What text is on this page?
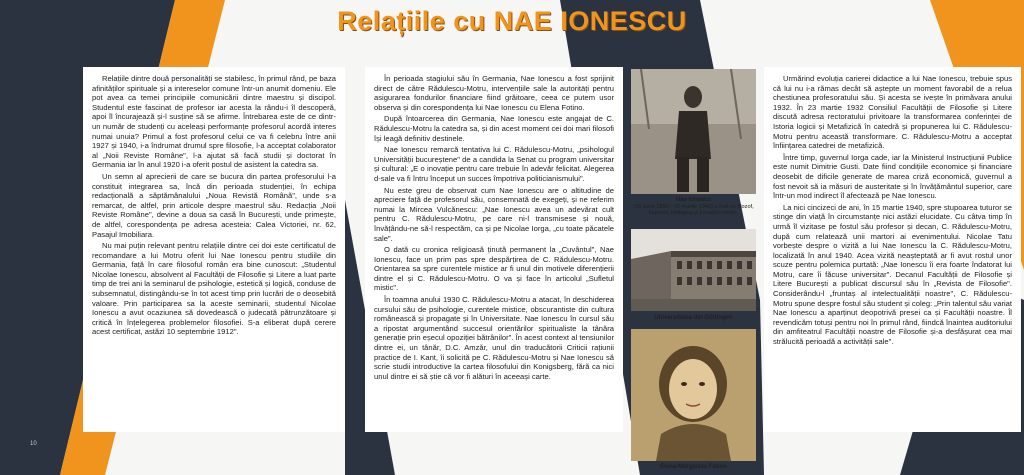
Relațiile cu NAE IONESCU

Relațiile dintre două personalități se stabilesc, în primul rând, pe baza afinităților spirituale și a intereselor comune într-un anumit domeniu. Ele pot avea ca temei principiile comunicării dintre maestru și discipol. Studentul este fascinat de profesor iar acesta la rându-i îl descoperă, apoi îl încurajează și-l susține să se afirme. Întrebarea este de ce dintr-un număr de studenți cu aceleași performanțe profesorul acordă interes numai unuia? Primul a fost profesorul celui ce va fi celebru între anii 1927 și 1940, i-a îndrumat drumul spre filosofie, l-a acceptat colaborator al „Noii Reviste Române", l-a ajutat să facă studii și doctorat în Germania iar în anul 1920 i-a oferit postul de asistent la catedra sa.

Un semn al aprecierii de care se bucura din partea profesorului l-a constituit integrarea sa, încă din perioada studenției, în echipa redacțională a săptămânalului „Noua Revistă Română", unde s-a remarcat, de altfel, prin articole despre maestrul său. Redacția „Noii Reviste Române", devine a doua sa casă în București, unde primește, de altfel, corespondența pe adresa acesteia: Calea Victoriei, nr. 62, Pasajul Imobiliara.

Nu mai puțin relevant pentru relațiile dintre cei doi este certificatul de recomandare a lui Motru oferit lui Nae Ionescu pentru studiile din Germania, față în care filosoful român era bine cunoscut: „Studentul Nicolae Ionescu, absolvent al Facultății de Filosofie și Litere a luat parte timp de trei ani la seminarul de psihologie, estetică și logică, conduse de subsemnatul, distingându-se în tot acest timp prin lucrări de o deosebită valoare. Prin participarea sa la aceste seminarii, studentul Nicolae Ionescu a avut ocaziunea să dovedească o judecată pătrunzătoare și critică în înțelegerea problemelor filosofiei. S-a eliberat după cerere acest certificat, astăzi 10 septembrie 1912".

În perioada stagiului său în Germania, Nae Ionescu a fost sprijinit direct de către Rădulescu-Motru, intervențiile sale la autoritäți pentru asigurarea fondurilor financiare fiind grăitoare, ceea ce putem usor observa și din corespondența lui Nae Ionescu cu Elena Fotino.

După întoarcerea din Germania, Nae Ionescu este angajat de C. Rădulescu-Motru la catedra sa, și din acest moment cei doi mari filosofi își leagă definitiv destinele.

Nae Ionescu remarcă tentativa lui C. Rădulescu-Motru, „psihologul Universității bucureștene" de a candida la Senat cu program universitar și cultural: „E o inovație pentru care trebuie în adevăr felicitat. Alegerea d-sale va fi întru început un succes împotriva politicianismului".

Nu este greu de observat cum Nae Ionescu are o altitudine de apreciere față de profesorul său, consemnată de exegeți, și ne referim numai la Mircea Vulcănescu: „Nae Ionescu avea un adevărat cult pentru C. Rădulescu-Motru, pe care ni-l transmisese și nouă, învățându-ne să-l respectăm, ca și pe Nicolae Iorga, „cu toate păcatele sale".

O dată cu cronica religioasă ținută permanent la „Cuvântul", Nae Ionescu, face un prim pas spre despărțirea de C. Rădulescu-Motru. Orientarea sa spre curentele mistice ar fi unul din motivele diferențierii dintre el și C. Rădulescu-Motru. O va și face în articolul „Sufletul mistic".

În toamna anului 1930 C. Rădulescu-Motru a atacat, în deschiderea cursului său de psihologie, curentele mistice, obscurantiste din cultura românească și propagate și în Universitate. Nae Ionescu în cursul său a ripostat argumentând succesul orientărilor spiritualiste la tânăra generație prin eșecul opoziției bătrânilor". În acest context al tensiunilor dintre ei, un tânăr, D.C. Amzăr, unul din traducătorii Criticii rațiunii practice de I. Kant, îi solicită pe C. Rădulescu-Motru și Nae Ionescu să scrie studii introductive la cartea filosofului din Konigsberg, fără ca nici unul dintre ei să știe că vor fi alături în aceeași carte.

Nae Ionescu
(16 iunie 1890 - 15 martie 1940) a fost un filozof, logician, pedagog și jurnalist român.
Universitatea din Göttingen
Elena-Margareta Fotino

Urmărind evoluția carierei didactice a lui Nae Ionescu, trebuie spus că lui nu i-a rămas decât să aștepte un moment favorabil de a relua chestiunea profesoratului său. Și acesta se ivește în primăvara anului 1932. În 23 martie 1932 Consiliul Facultății de Filosofie și Litere discută adresa rectoratului privitoare la transformarea conferinței de Istoria logicii și Metafizică în catedră și propunerea lui C. Rădulescu-Motru pentru această transformare. C. Rădulescu-Motru a acceptat înființarea catedrei de metafizică.

Între timp, guvernul Iorga cade, iar la Ministerul Instrucțiunii Publice este numit Dimitrie Gusti. Date fiind condițiile economice și financiare deosebit de dificile generate de marea criză economică, guvernul a fost nevoit să ia măsuri de austeritate și în învățământul superior, care într-un mod indirect îl afectează pe Nae Ionescu.

La nici cincizeci de ani, în 15 martie 1940, spre stupoarea tuturor se stinge din viață în circumstanțe nici astăzi elucidate. Cu câtva timp în urmă îl vizitase pe fostul său profesor și decan, C. Rădulescu-Motru, după cum relatează unii martori ai evenimentului. Nicolae Tatu vorbește despre o vizită a lui Nae Ionescu la C. Rădulescu-Motru, localizată în anul 1940. Acea vizită neașteptată ar fi avut rostul unor scuze pentru polemica purtată: „Nae Ionescu îi era foarte îndatorat lui Motru, care îi făcuse universitar". Decanul Facultății de Filosofie și Litere București a publicat discursul său în „Revista de Filosofie". Considerându-l „fruntaș al intelectualității noastre", C. Rădulescu-Motru spune despre fostul său student și coleg: „Prin talentul său variat Nae Ionescu a aparținut deopotrivă presei ca și Facultății noastre. Îl revendicăm totuși pentru noi în primul rând, fiindcă înaintea auditoriului din amfiteatrul Facultății noastre de Filosofie și-a desfășurat cea mai strălucită perioadă a activității sale".

10
